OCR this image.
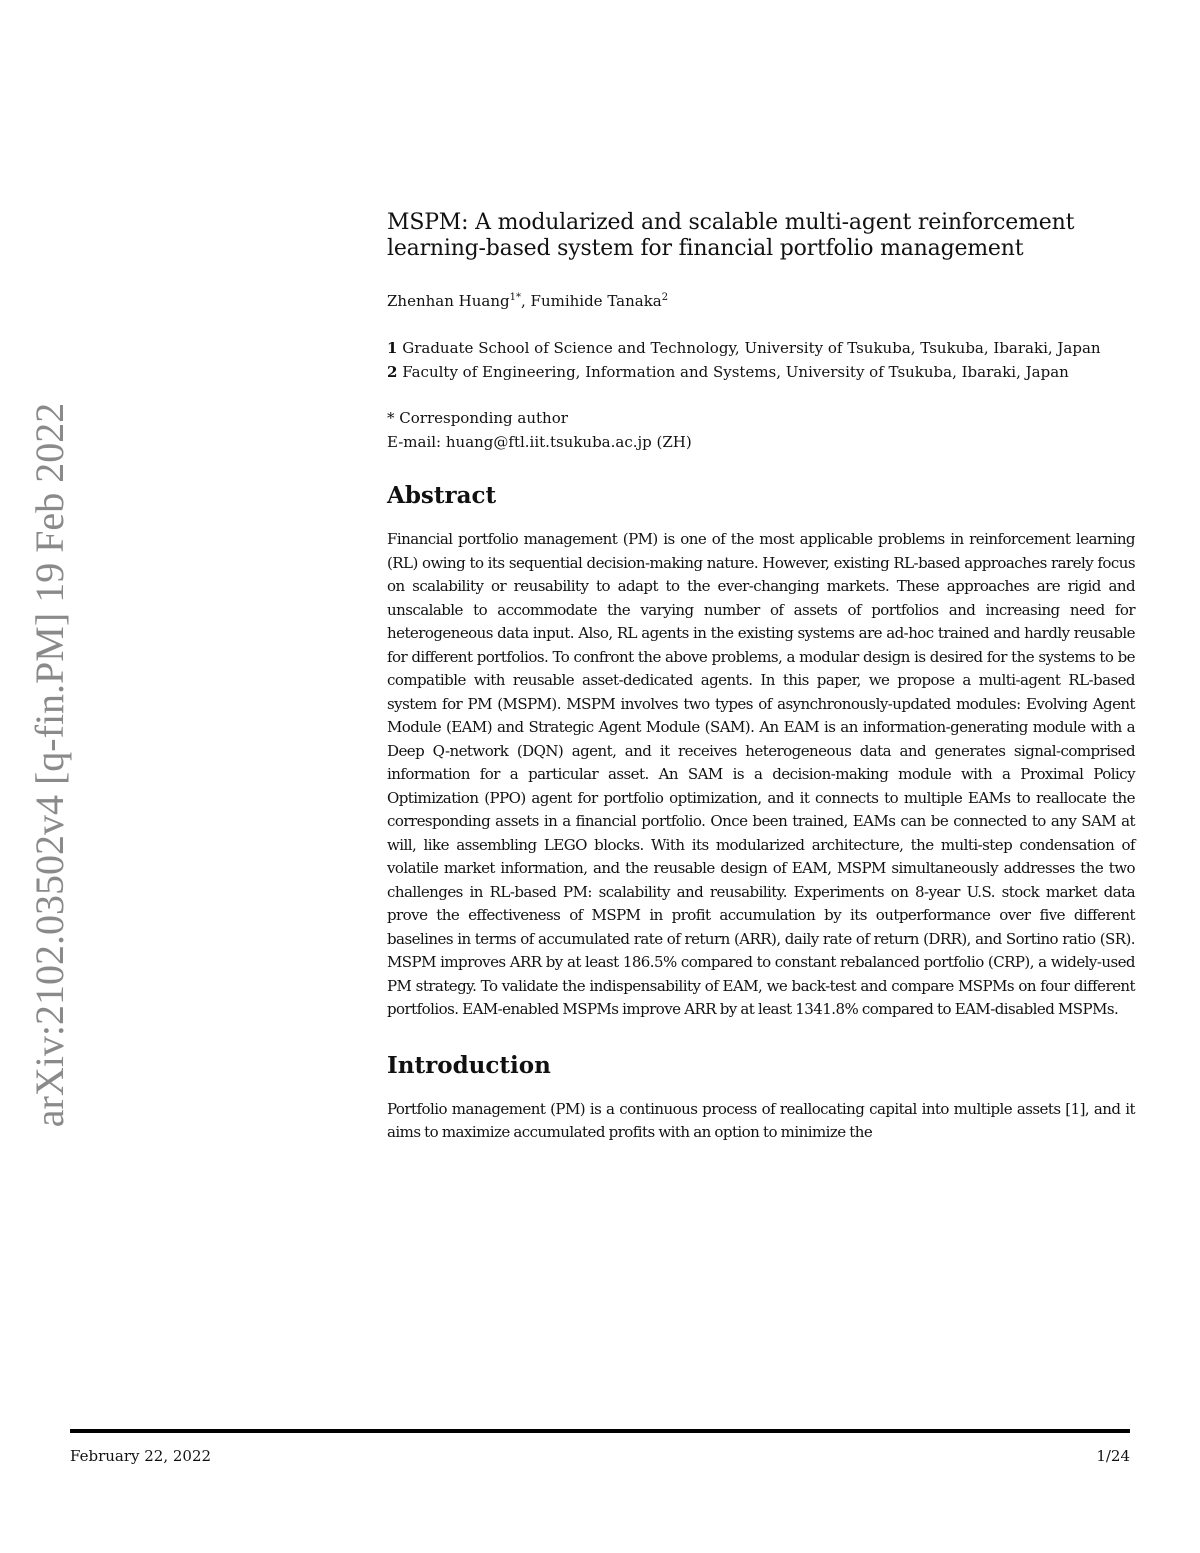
arXiv:2102.03502v4 [q-fin.PM] 19 Feb 2022
MSPM: A modularized and scalable multi-agent reinforcement learning-based system for financial portfolio management

Zhenhan Huang$^{1*}$, Fumihide Tanaka$^2$

1 Graduate School of Science and Technology, University of Tsukuba, Tsukuba, Ibaraki, Japan
2 Faculty of Engineering, Information and Systems, University of Tsukuba, Ibaraki, Japan
* Corresponding author
E-mail: huang@ftl.iit.tsukuba.ac.jp (ZH)
Abstract

Financial portfolio management (PM) is one of the most applicable problems in reinforcement learning (RL) owing to its sequential decision-making nature. However, existing RL-based approaches rarely focus on scalability or reusability to adapt to the ever-changing markets. These approaches are rigid and unscalable to accommodate the varying number of assets of portfolios and increasing need for heterogeneous data input. Also, RL agents in the existing systems are ad-hoc trained and hardly reusable for different portfolios. To confront the above problems, a modular design is desired for the systems to be compatible with reusable asset-dedicated agents. In this paper, we propose a multi-agent RL-based system for PM (MSPM). MSPM involves two types of asynchronously-updated modules: Evolving Agent Module (EAM) and Strategic Agent Module (SAM). An EAM is an information-generating module with a Deep Q-network (DQN) agent, and it receives heterogeneous data and generates signal-comprised information for a particular asset. An SAM is a decision-making module with a Proximal Policy Optimization (PPO) agent for portfolio optimization, and it connects to multiple EAMs to reallocate the corresponding assets in a financial portfolio. Once been trained, EAMs can be connected to any SAM at will, like assembling LEGO blocks. With its modularized architecture, the multi-step condensation of volatile market information, and the reusable design of EAM, MSPM simultaneously addresses the two challenges in RL-based PM: scalability and reusability. Experiments on 8-year U.S. stock market data prove the effectiveness of MSPM in profit accumulation by its outperformance over five different baselines in terms of accumulated rate of return (ARR), daily rate of return (DRR), and Sortino ratio (SR). MSPM improves ARR by at least 186.5% compared to constant rebalanced portfolio (CRP), a widely-used PM strategy. To validate the indispensability of EAM, we back-test and compare MSPMs on four different portfolios. EAM-enabled MSPMs improve ARR by at least 1341.8% compared to EAM-disabled MSPMs.

Introduction

Portfolio management (PM) is a continuous process of reallocating capital into multiple assets [1], and it aims to maximize accumulated profits with an option to minimize the

February 22, 2022	1/24
